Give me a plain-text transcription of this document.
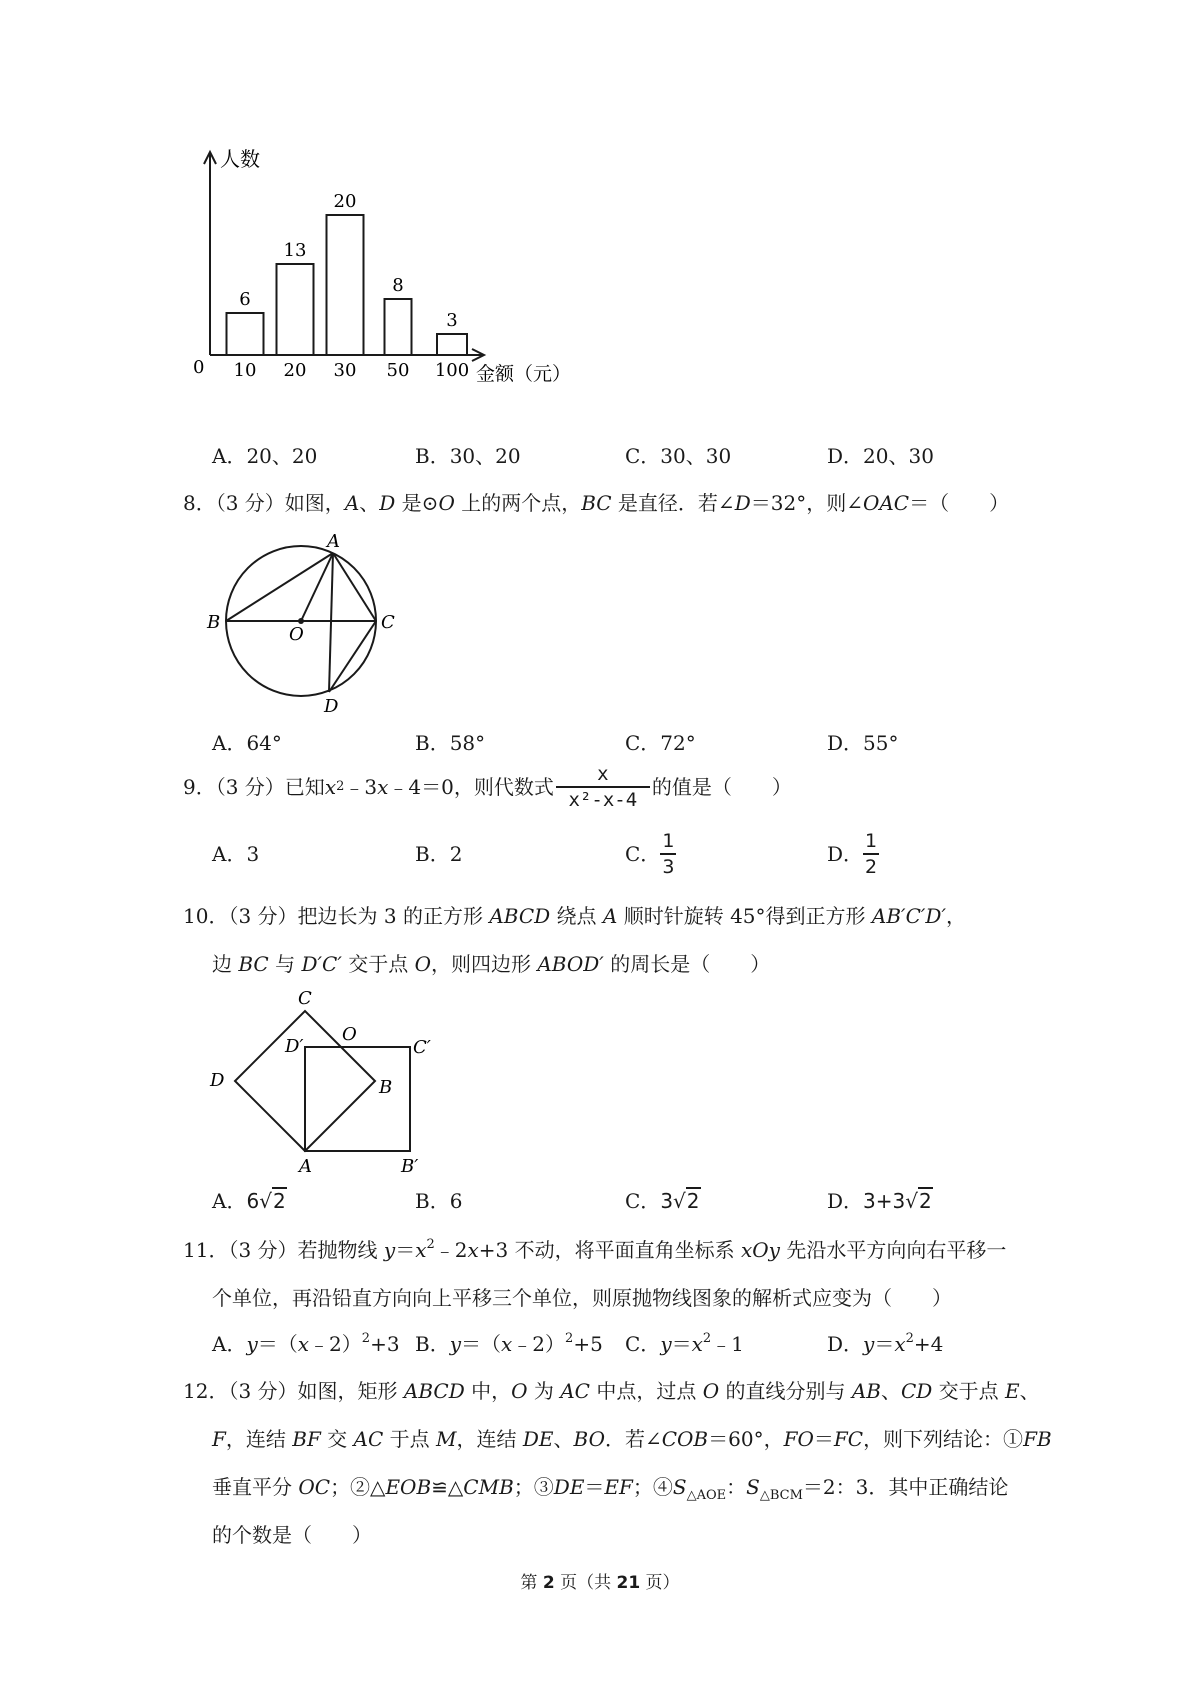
6
10
13
20
20
30
8
50
3
100
人数
金额（元）
0
A．20、20	B．30、20	C．30、30	D．20、30
8．（3 分）如图，A、D 是⊙O 上的两个点，BC 是直径．若∠D＝32°，则∠OAC＝（　　）
A
B	C
O
D
A．64°	B．58°	C．72°	D．55°
9．（3 分）已知 x 2 ﹣3 x ﹣4＝0，则代数式 $\frac{x}{\text{x²-x-4}}$ 的值是（　　）
A．3	B．2	C． $\frac{1}{3}$	D． $\frac{1}{2}$
10．（3 分）把边长为 3 的正方形 ABCD 绕点 A 顺时针旋转 45°得到正方形 AB′C′D′，
边 BC 与 D′C′ 交于点 O，则四边形 ABOD′ 的周长是（　　）
C
O
D′	C′
D	B
A	B′
A．6√2	B．6	C．3√2	D．3+3√2
11．（3 分）若抛物线 $y=x^2﹣2x+3$ 不动，将平面直角坐标系 xOy 先沿水平方向向右平移一
个单位，再沿铅直方向向上平移三个单位，则原抛物线图象的解析式应变为（　　）
A．y＝（x﹣2）$^2$+3 B．y＝（x﹣2）$^2$+5 C．$y=x^2﹣1$	D．$y=x^2+4$
12．（3 分）如图，矩形 ABCD 中，O 为 AC 中点，过点 O 的直线分别与 AB、CD 交于点 E、
F，连结 BF 交 AC 于点 M，连结 DE、BO．若∠COB＝60°，FO＝FC，则下列结论：①FB
垂直平分 OC；②△EOB≌△CMB；③DE＝EF；$④S_{\triangle AOE}$：$S_{\triangle BCM}=2$：3．其中正确结论
的个数是（　　）
第 2 页（共 21 页）
